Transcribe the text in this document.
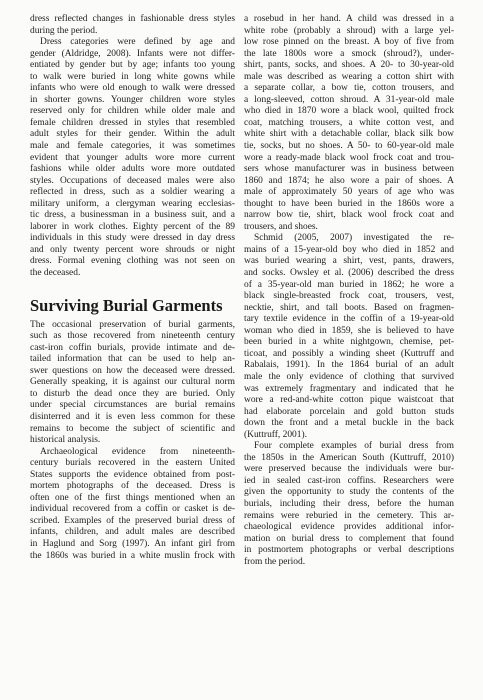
dress reflected changes in fashionable dress styles
during the period.
Dress categories were defined by age and
gender (Aldridge, 2008). Infants were not differ-
entiated by gender but by age; infants too young
to walk were buried in long white gowns while
infants who were old enough to walk were dressed
in shorter gowns. Younger children wore styles
reserved only for children while older male and
female children dressed in styles that resembled
adult styles for their gender. Within the adult
male and female categories, it was sometimes
evident that younger adults wore more current
fashions while older adults wore more outdated
styles. Occupations of deceased males were also
reflected in dress, such as a soldier wearing a
military uniform, a clergyman wearing ecclesias-
tic dress, a businessman in a business suit, and a
laborer in work clothes. Eighty percent of the 89
individuals in this study were dressed in day dress
and only twenty percent wore shrouds or night
dress. Formal evening clothing was not seen on
the deceased.
Surviving Burial Garments
The occasional preservation of burial garments,
such as those recovered from nineteenth century
cast-iron coffin burials, provide intimate and de-
tailed information that can be used to help an-
swer questions on how the deceased were dressed.
Generally speaking, it is against our cultural norm
to disturb the dead once they are buried. Only
under special circumstances are burial remains
disinterred and it is even less common for these
remains to become the subject of scientific and
historical analysis.
Archaeological evidence from nineteenth-
century burials recovered in the eastern United
States supports the evidence obtained from post-
mortem photographs of the deceased. Dress is
often one of the first things mentioned when an
individual recovered from a coffin or casket is de-
scribed. Examples of the preserved burial dress of
infants, children, and adult males are described
in Haglund and Sorg (1997). An infant girl from
the 1860s was buried in a white muslin frock with
a rosebud in her hand. A child was dressed in a
white robe (probably a shroud) with a large yel-
low rose pinned on the breast. A boy of five from
the late 1800s wore a smock (shroud?), under-
shirt, pants, socks, and shoes. A 20- to 30-year-old
male was described as wearing a cotton shirt with
a separate collar, a bow tie, cotton trousers, and
a long-sleeved, cotton shroud. A 31-year-old male
who died in 1870 wore a black wool, quilted frock
coat, matching trousers, a white cotton vest, and
white shirt with a detachable collar, black silk bow
tie, socks, but no shoes. A 50- to 60-year-old male
wore a ready-made black wool frock coat and trou-
sers whose manufacturer was in business between
1860 and 1874; he also wore a pair of shoes. A
male of approximately 50 years of age who was
thought to have been buried in the 1860s wore a
narrow bow tie, shirt, black wool frock coat and
trousers, and shoes.
Schmid (2005, 2007) investigated the re-
mains of a 15-year-old boy who died in 1852 and
was buried wearing a shirt, vest, pants, drawers,
and socks. Owsley et al. (2006) described the dress
of a 35-year-old man buried in 1862; he wore a
black single-breasted frock coat, trousers, vest,
necktie, shirt, and tall boots. Based on fragmen-
tary textile evidence in the coffin of a 19-year-old
woman who died in 1859, she is believed to have
been buried in a white nightgown, chemise, pet-
ticoat, and possibly a winding sheet (Kuttruff and
Rabalais, 1991). In the 1864 burial of an adult
male the only evidence of clothing that survived
was extremely fragmentary and indicated that he
wore a red-and-white cotton pique waistcoat that
had elaborate porcelain and gold button studs
down the front and a metal buckle in the back
(Kuttruff, 2001).
Four complete examples of burial dress from
the 1850s in the American South (Kuttruff, 2010)
were preserved because the individuals were bur-
ied in sealed cast-iron coffins. Researchers were
given the opportunity to study the contents of the
burials, including their dress, before the human
remains were reburied in the cemetery. This ar-
chaeological evidence provides additional infor-
mation on burial dress to complement that found
in postmortem photographs or verbal descriptions
from the period.
